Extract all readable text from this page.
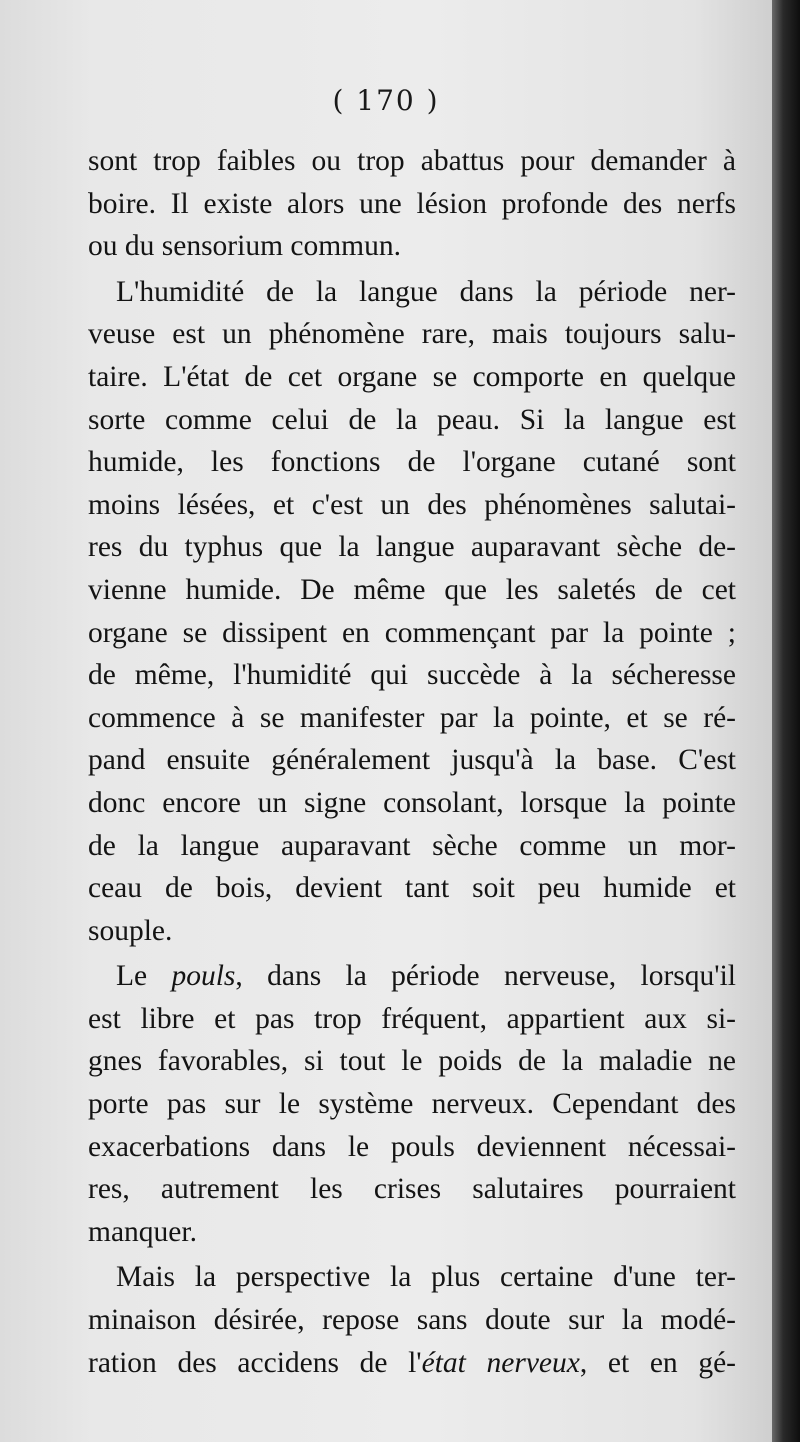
( 170 )
sont trop faibles ou trop abattus pour demander à
boire. Il existe alors une lésion profonde des nerfs
ou du sensorium commun.
L'humidité de la langue dans la période ner-
veuse est un phénomène rare, mais toujours salu-
taire. L'état de cet organe se comporte en quelque
sorte comme celui de la peau. Si la langue est
humide, les fonctions de l'organe cutané sont
moins lésées, et c'est un des phénomènes salutai-
res du typhus que la langue auparavant sèche de-
vienne humide. De même que les saletés de cet
organe se dissipent en commençant par la pointe ;
de même, l'humidité qui succède à la sécheresse
commence à se manifester par la pointe, et se ré-
pand ensuite généralement jusqu'à la base. C'est
donc encore un signe consolant, lorsque la pointe
de la langue auparavant sèche comme un mor-
ceau de bois, devient tant soit peu humide et
souple.
Le pouls, dans la période nerveuse, lorsqu'il
est libre et pas trop fréquent, appartient aux si-
gnes favorables, si tout le poids de la maladie ne
porte pas sur le système nerveux. Cependant des
exacerbations dans le pouls deviennent nécessai-
res, autrement les crises salutaires pourraient
manquer.
Mais la perspective la plus certaine d'une ter-
minaison désirée, repose sans doute sur la modé-
ration des accidens de l'état nerveux, et en gé-
